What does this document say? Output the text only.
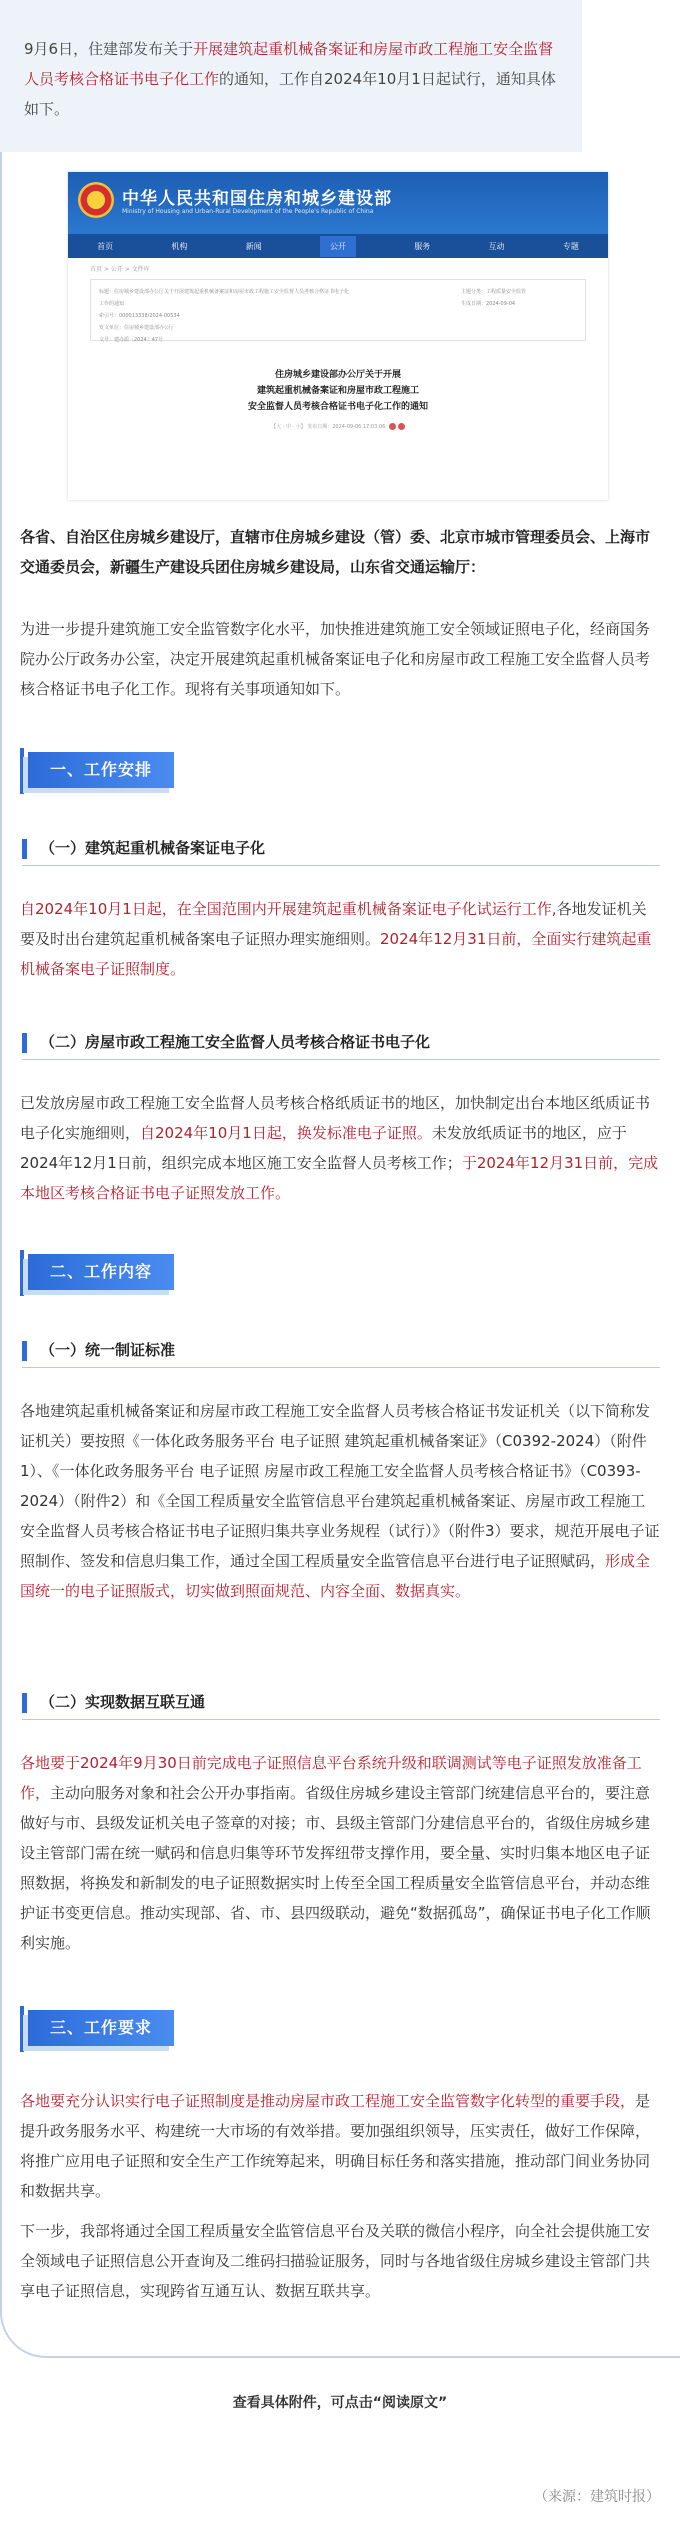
9月6日，住建部发布关于开展建筑起重机械备案证和房屋市政工程施工安全监督人员考核合格证书电子化工作的通知，工作自2024年10月1日起试行，通知具体如下。
中华人民共和国住房和城乡建设部
Ministry of Housing and Urban-Rural Development of the People's Republic of China
首页	机构	新闻	公开	服务	互动	专题
首页 > 公开 > 文件库
标题：住房城乡建设部办公厅关于开展建筑起重机械备案证和房屋市政工程施工安全监督人员考核合格证书电子化工作的通知
索引号：000013338/2024-00534
发文单位：住房城乡建设部办公厅
文号：建办质〔2024〕47号
主题分类：工程质量安全监管
生成日期：2024-09-04
住房城乡建设部办公厅关于开展
建筑起重机械备案证和房屋市政工程施工
安全监督人员考核合格证书电子化工作的通知
【大 · 中 · 小】 发布日期：2024-09-06 17:03:06
各省、自治区住房城乡建设厅，直辖市住房城乡建设（管）委、北京市城市管理委员会、上海市交通委员会，新疆生产建设兵团住房城乡建设局，山东省交通运输厅：
为进一步提升建筑施工安全监管数字化水平，加快推进建筑施工安全领域证照电子化，经商国务院办公厅政务办公室，决定开展建筑起重机械备案证电子化和房屋市政工程施工安全监督人员考核合格证书电子化工作。现将有关事项通知如下。
一、工作安排
（一）建筑起重机械备案证电子化
自2024年10月1日起，在全国范围内开展建筑起重机械备案证电子化试运行工作,各地发证机关要及时出台建筑起重机械备案电子证照办理实施细则。2024年12月31日前，全面实行建筑起重机械备案电子证照制度。
（二）房屋市政工程施工安全监督人员考核合格证书电子化
已发放房屋市政工程施工安全监督人员考核合格纸质证书的地区，加快制定出台本地区纸质证书电子化实施细则，自2024年10月1日起，换发标准电子证照。未发放纸质证书的地区，应于2024年12月1日前，组织完成本地区施工安全监督人员考核工作；于2024年12月31日前，完成本地区考核合格证书电子证照发放工作。
二、工作内容
（一）统一制证标准
各地建筑起重机械备案证和房屋市政工程施工安全监督人员考核合格证书发证机关（以下简称发证机关）要按照《一体化政务服务平台 电子证照 建筑起重机械备案证》（C0392-2024）（附件1）、《一体化政务服务平台 电子证照 房屋市政工程施工安全监督人员考核合格证书》（C0393-2024）（附件2）和《全国工程质量安全监管信息平台建筑起重机械备案证、房屋市政工程施工安全监督人员考核合格证书电子证照归集共享业务规程（试行）》（附件3）要求，规范开展电子证照制作、签发和信息归集工作，通过全国工程质量安全监管信息平台进行电子证照赋码，形成全国统一的电子证照版式，切实做到照面规范、内容全面、数据真实。
（二）实现数据互联互通
各地要于2024年9月30日前完成电子证照信息平台系统升级和联调测试等电子证照发放准备工作，主动向服务对象和社会公开办事指南。省级住房城乡建设主管部门统建信息平台的，要注意做好与市、县级发证机关电子签章的对接；市、县级主管部门分建信息平台的，省级住房城乡建设主管部门需在统一赋码和信息归集等环节发挥纽带支撑作用，要全量、实时归集本地区电子证照数据，将换发和新制发的电子证照数据实时上传至全国工程质量安全监管信息平台，并动态维护证书变更信息。推动实现部、省、市、县四级联动，避免“数据孤岛”，确保证书电子化工作顺利实施。
三、工作要求
各地要充分认识实行电子证照制度是推动房屋市政工程施工安全监管数字化转型的重要手段，是提升政务服务水平、构建统一大市场的有效举措。要加强组织领导，压实责任，做好工作保障，将推广应用电子证照和安全生产工作统筹起来，明确目标任务和落实措施，推动部门间业务协同和数据共享。
下一步，我部将通过全国工程质量安全监管信息平台及关联的微信小程序，向全社会提供施工安全领域电子证照信息公开查询及二维码扫描验证服务，同时与各地省级住房城乡建设主管部门共享电子证照信息，实现跨省互通互认、数据互联共享。
查看具体附件，可点击“阅读原文”
（来源：建筑时报）
